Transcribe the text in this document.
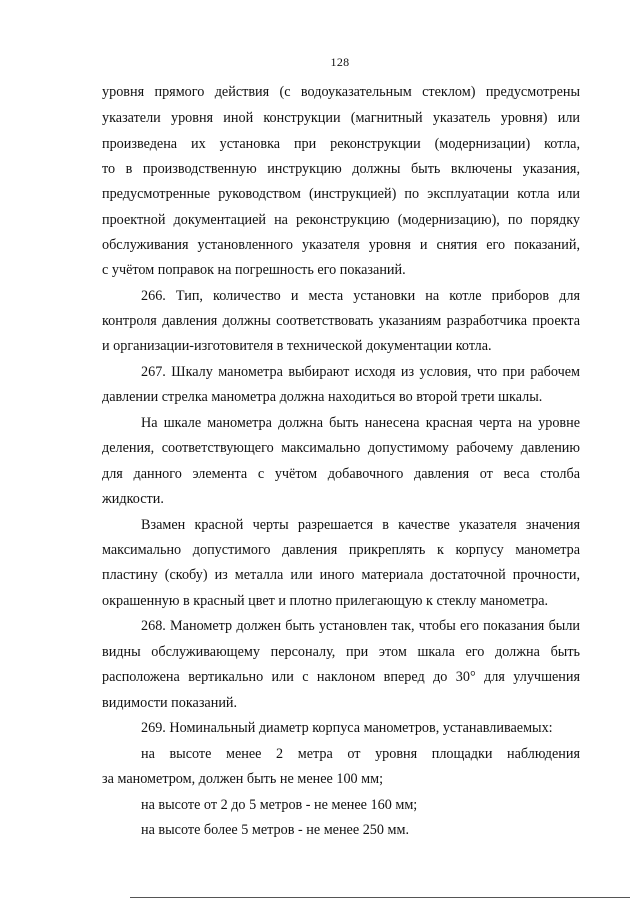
128
уровня прямого действия (с водоуказательным стеклом) предусмотрены
указатели уровня иной конструкции (магнитный указатель уровня) или
произведена их установка при реконструкции (модернизации) котла,
то в производственную инструкцию должны быть включены указания,
предусмотренные руководством (инструкцией) по эксплуатации котла или
проектной документацией на реконструкцию (модернизацию), по порядку
обслуживания установленного указателя уровня и снятия его показаний,
с учётом поправок на погрешность его показаний.
266. Тип, количество и места установки на котле приборов для
контроля давления должны соответствовать указаниям разработчика проекта
и организации-изготовителя в технической документации котла.
267. Шкалу манометра выбирают исходя из условия, что при рабочем
давлении стрелка манометра должна находиться во второй трети шкалы.
На шкале манометра должна быть нанесена красная черта на уровне
деления, соответствующего максимально допустимому рабочему давлению
для данного элемента с учётом добавочного давления от веса столба
жидкости.
Взамен красной черты разрешается в качестве указателя значения
максимально допустимого давления прикреплять к корпусу манометра
пластину (скобу) из металла или иного материала достаточной прочности,
окрашенную в красный цвет и плотно прилегающую к стеклу манометра.
268. Манометр должен быть установлен так, чтобы его показания были
видны обслуживающему персоналу, при этом шкала его должна быть
расположена вертикально или с наклоном вперед до 30° для улучшения
видимости показаний.
269. Номинальный диаметр корпуса манометров, устанавливаемых:
на высоте менее 2 метра от уровня площадки наблюдения
за манометром, должен быть не менее 100 мм;
на высоте от 2 до 5 метров - не менее 160 мм;
на высоте более 5 метров - не менее 250 мм.
